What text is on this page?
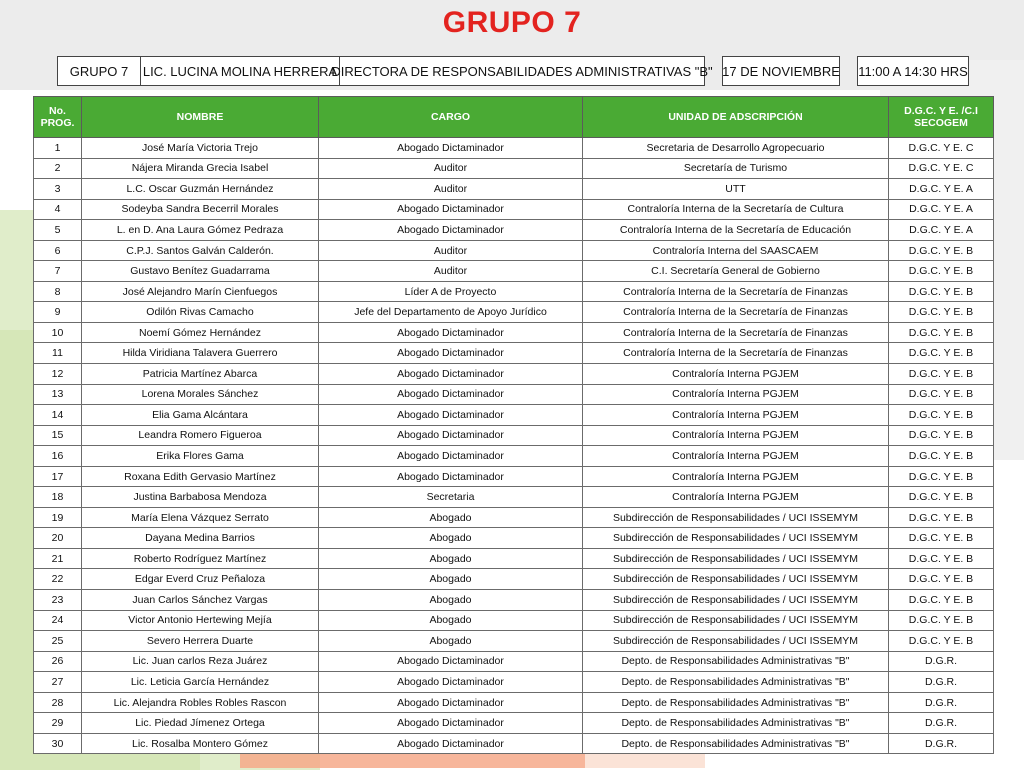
GRUPO 7
GRUPO 7	LIC. LUCINA MOLINA HERRERA
DIRECTORA DE RESPONSABILIDADES ADMINISTRATIVAS "B" 17 DE NOVIEMBRE	11:00 A 14:30 HRS
No. PROG.	NOMBRE	CARGO	UNIDAD DE ADSCRIPCIÓN	D.G.C. Y E. /C.I SECOGEM
1	José María Victoria Trejo	Abogado Dictaminador	Secretaria de Desarrollo Agropecuario	D.G.C. Y E. C
2	Nájera Miranda Grecia Isabel	Auditor	Secretaría de Turismo	D.G.C. Y E. C
3	L.C. Oscar Guzmán Hernández	Auditor	UTT	D.G.C. Y E. A
4	Sodeyba Sandra Becerril Morales	Abogado Dictaminador	Contraloría Interna de la Secretaría de Cultura	D.G.C. Y E. A
5	L. en D. Ana Laura Gómez Pedraza	Abogado Dictaminador	Contraloría Interna de la Secretaría de Educación	D.G.C. Y E. A
6	C.P.J. Santos Galván Calderón.	Auditor	Contraloría Interna del SAASCAEM	D.G.C. Y E. B
7	Gustavo Benítez Guadarrama	Auditor	C.I. Secretaría General de Gobierno	D.G.C. Y E. B
8	José Alejandro Marín Cienfuegos	Líder A de Proyecto	Contraloría Interna de la Secretaría de Finanzas	D.G.C. Y E. B
9	Odilón Rivas Camacho	Jefe del Departamento de Apoyo Jurídico	Contraloría Interna de la Secretaría de Finanzas	D.G.C. Y E. B
10	Noemí Gómez Hernández	Abogado Dictaminador	Contraloría Interna de la Secretaría de Finanzas	D.G.C. Y E. B
11	Hilda Viridiana Talavera Guerrero	Abogado Dictaminador	Contraloría Interna de la Secretaría de Finanzas	D.G.C. Y E. B
12	Patricia Martínez Abarca	Abogado Dictaminador	Contraloría Interna PGJEM	D.G.C. Y E. B
13	Lorena Morales Sánchez	Abogado Dictaminador	Contraloría Interna PGJEM	D.G.C. Y E. B
14	Elia Gama Alcántara	Abogado Dictaminador	Contraloría Interna PGJEM	D.G.C. Y E. B
15	Leandra Romero Figueroa	Abogado Dictaminador	Contraloría Interna PGJEM	D.G.C. Y E. B
16	Erika Flores Gama	Abogado Dictaminador	Contraloría Interna PGJEM	D.G.C. Y E. B
17	Roxana Edith Gervasio Martínez	Abogado Dictaminador	Contraloría Interna PGJEM	D.G.C. Y E. B
18	Justina Barbabosa Mendoza	Secretaria	Contraloría Interna PGJEM	D.G.C. Y E. B
19	María Elena Vázquez Serrato	Abogado	Subdirección de Responsabilidades / UCI ISSEMYM	D.G.C. Y E. B
20	Dayana Medina Barrios	Abogado	Subdirección de Responsabilidades / UCI ISSEMYM	D.G.C. Y E. B
21	Roberto Rodríguez Martínez	Abogado	Subdirección de Responsabilidades / UCI ISSEMYM	D.G.C. Y E. B
22	Edgar Everd Cruz Peñaloza	Abogado	Subdirección de Responsabilidades / UCI ISSEMYM	D.G.C. Y E. B
23	Juan Carlos Sánchez Vargas	Abogado	Subdirección de Responsabilidades / UCI ISSEMYM	D.G.C. Y E. B
24	Victor Antonio Hertewing Mejía	Abogado	Subdirección de Responsabilidades / UCI ISSEMYM	D.G.C. Y E. B
25	Severo Herrera Duarte	Abogado	Subdirección de Responsabilidades / UCI ISSEMYM	D.G.C. Y E. B
26	Lic. Juan carlos Reza Juárez	Abogado Dictaminador	Depto. de Responsabilidades Administrativas "B"	D.G.R.
27	Lic. Leticia García Hernández	Abogado Dictaminador	Depto. de Responsabilidades Administrativas "B"	D.G.R.
28	Lic. Alejandra Robles Robles Rascon	Abogado Dictaminador	Depto. de Responsabilidades Administrativas "B"	D.G.R.
29	Lic. Piedad Jímenez Ortega	Abogado Dictaminador	Depto. de Responsabilidades Administrativas "B"	D.G.R.
30	Lic. Rosalba Montero Gómez	Abogado Dictaminador	Depto. de Responsabilidades Administrativas "B"	D.G.R.
